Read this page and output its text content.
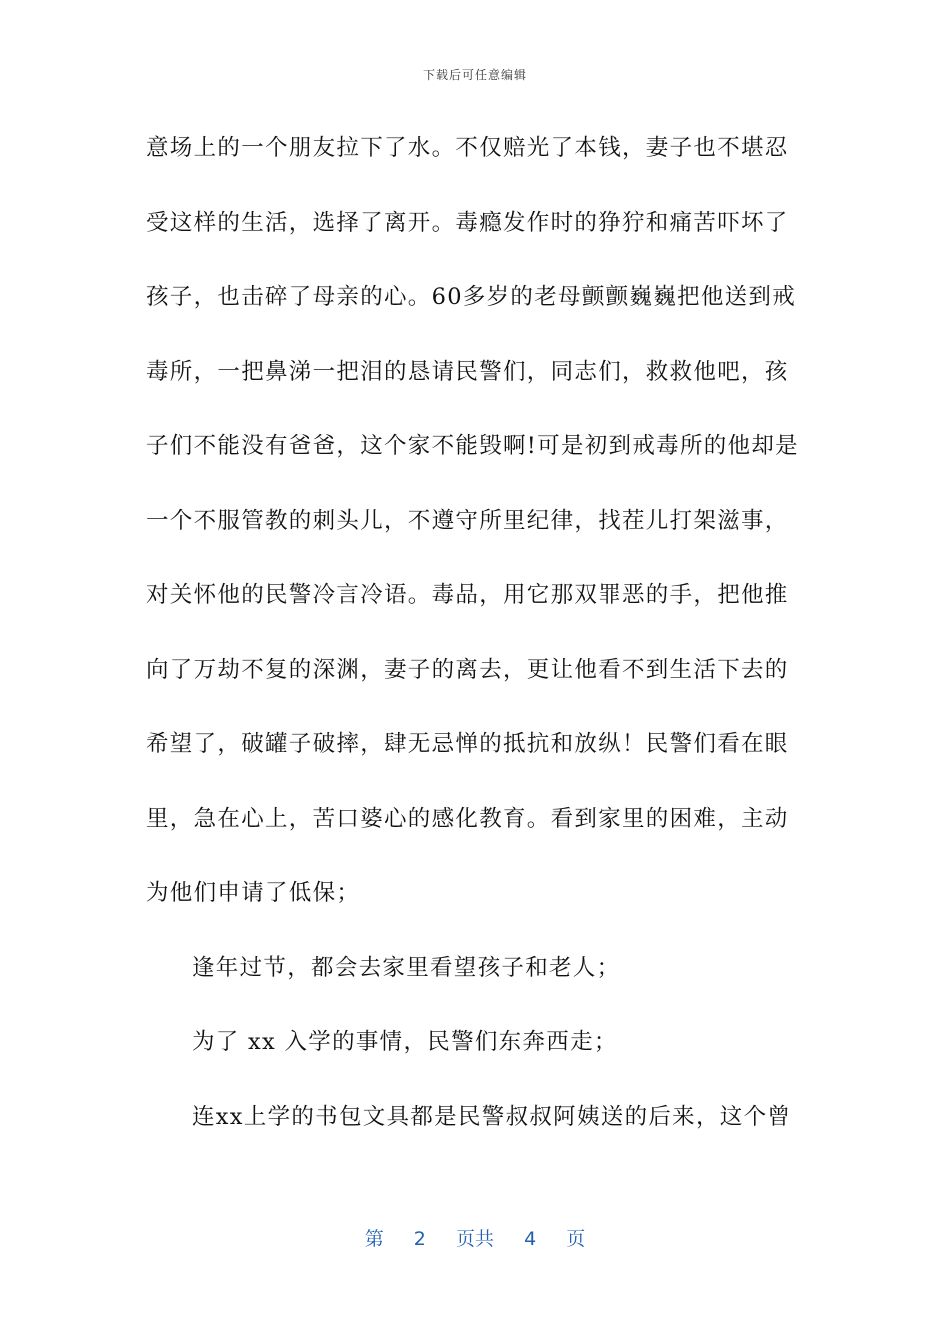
下载后可任意编辑
意场上的一个朋友拉下了水。不仅赔光了本钱，妻子也不堪忍
受这样的生活，选择了离开。毒瘾发作时的狰狞和痛苦吓坏了
孩子，也击碎了母亲的心。60多岁的老母颤颤巍巍把他送到戒
毒所，一把鼻涕一把泪的恳请民警们，同志们，救救他吧，孩
子们不能没有爸爸，这个家不能毁啊!可是初到戒毒所的他却是
一个不服管教的刺头儿，不遵守所里纪律，找茬儿打架滋事，
对关怀他的民警冷言冷语。毒品，用它那双罪恶的手，把他推
向了万劫不复的深渊，妻子的离去，更让他看不到生活下去的
希望了，破罐子破摔，肆无忌惮的抵抗和放纵！民警们看在眼
里，急在心上，苦口婆心的感化教育。看到家里的困难，主动
为他们申请了低保；
逢年过节，都会去家里看望孩子和老人；
为了 xx 入学的事情，民警们东奔西走；
连xx上学的书包文具都是民警叔叔阿姨送的后来，这个曾
第 2 页共 4 页
